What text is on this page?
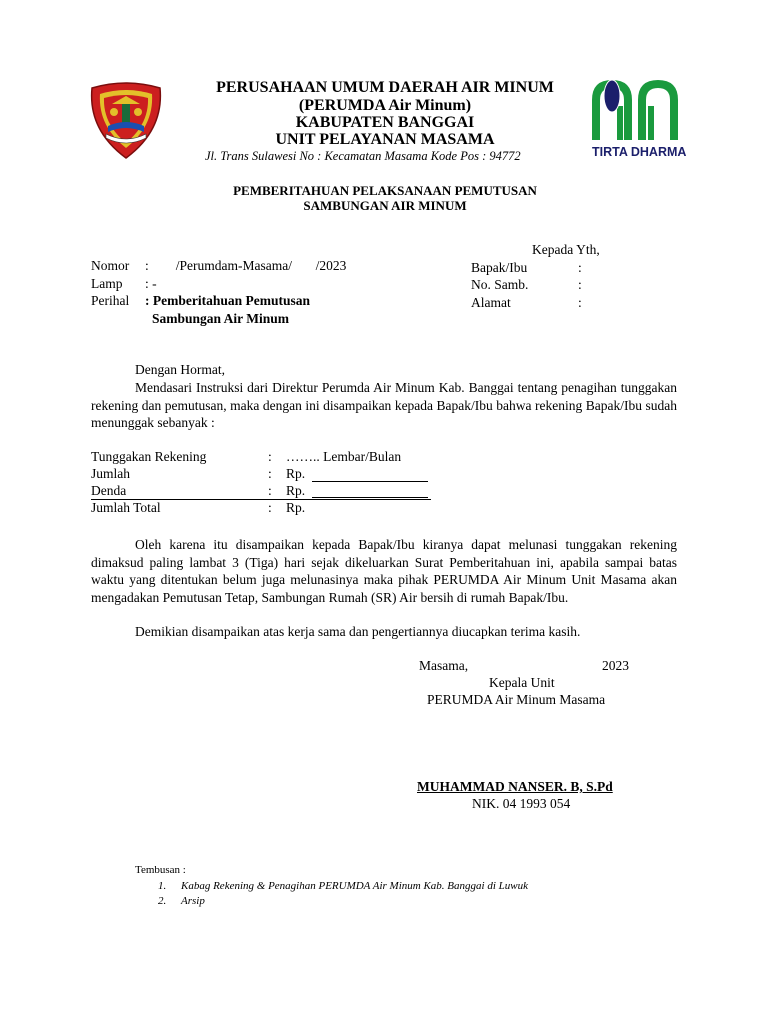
PERUSAHAAN UMUM DAERAH AIR MINUM
(PERUMDA Air Minum)
KABUPATEN BANGGAI
UNIT PELAYANAN MASAMA
Jl. Trans Sulawesi No : Kecamatan Masama Kode Pos : 94772	TIRTA DHARMA
PEMBERITAHUAN PELAKSANAAN PEMUTUSAN
SAMBUNGAN AIR MINUM
Nomor :        /Perumdam-Masama/       /2023
Lamp : -
Perihal : Pemberitahuan Pemutusan
Sambungan Air Minum
Kepada Yth,
Bapak/Ibu	:
No. Samb.	:
Alamat	:
Dengan Hormat,
Mendasari Instruksi dari Direktur Perumda Air Minum Kab. Banggai tentang penagihan tunggakan rekening dan pemutusan, maka dengan ini disampaikan kepada Bapak/Ibu bahwa rekening Bapak/Ibu sudah menunggak sebanyak :
Tunggakan Rekening	: …….. Lembar/Bulan
Jumlah	: Rp.
Denda	: Rp.
Jumlah Total	: Rp.
Oleh karena itu disampaikan kepada Bapak/Ibu kiranya dapat melunasi tunggakan rekening dimaksud paling lambat 3 (Tiga) hari sejak dikeluarkan Surat Pemberitahuan ini, apabila sampai batas waktu yang ditentukan belum juga melunasinya maka pihak PERUMDA Air Minum Unit Masama akan mengadakan Pemutusan Tetap, Sambungan Rumah (SR) Air bersih di rumah Bapak/Ibu.
Demikian disampaikan atas kerja sama dan pengertiannya diucapkan terima kasih.
Masama,	2023
Kepala Unit
PERUMDA Air Minum Masama
MUHAMMAD NANSER. B, S.Pd
NIK. 04 1993 054
Tembusan :
1. Kabag Rekening & Penagihan PERUMDA Air Minum Kab. Banggai di Luwuk
2. Arsip
